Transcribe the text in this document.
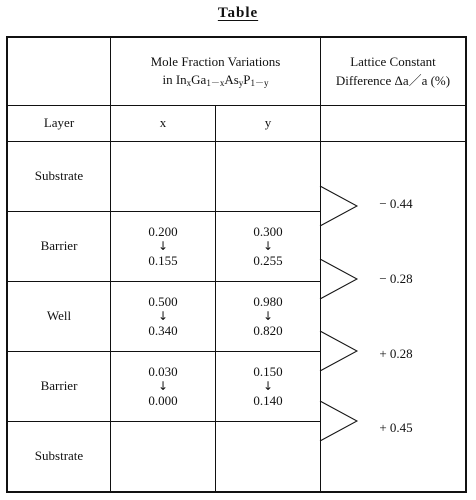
Table
Mole Fraction Variations
in $In_xGa_{1-x}As_yP_{1-y}$
Lattice Constant
Difference Δa／a (%)
Layer	x	y
Substrate
Barrier
0.200
↓
0.155
0.300
↓
0.255
Well
0.500
↓
0.340
0.980
↓
0.820
Barrier
0.030
↓
0.000
0.150
↓
0.140
Substrate
− 0.44
− 0.28
+ 0.28
+ 0.45
